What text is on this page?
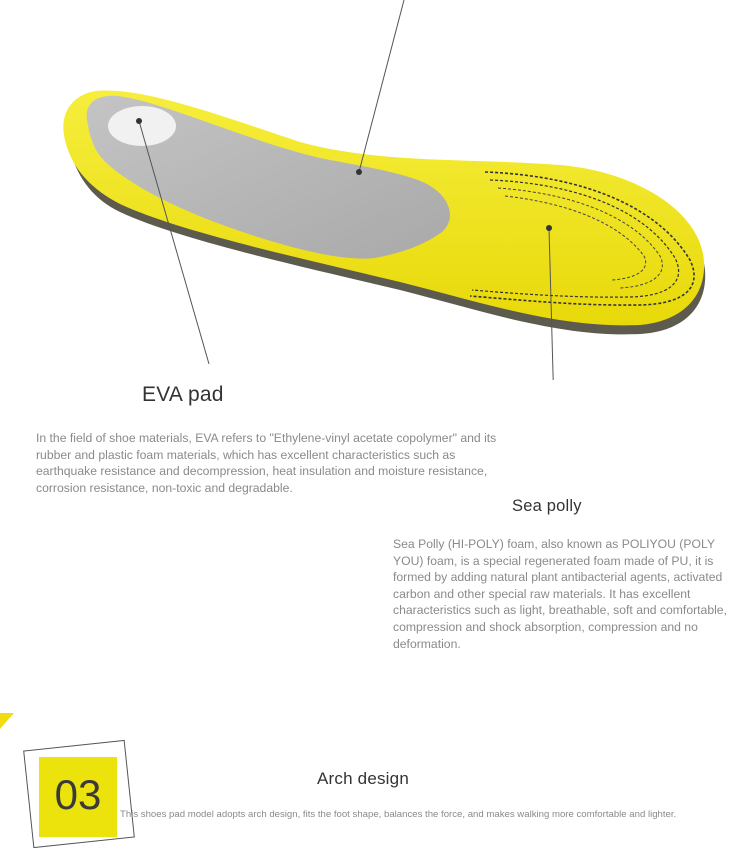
EVA pad
In the field of shoe materials, EVA refers to "Ethylene-vinyl acetate copolymer" and its rubber and plastic foam materials, which has excellent characteristics such as earthquake resistance and decompression, heat insulation and moisture resistance, corrosion resistance, non-toxic and degradable.
Sea polly
Sea Polly (HI-POLY) foam, also known as POLIYOU (POLY YOU) foam, is a special regenerated foam made of PU, it is formed by adding natural plant antibacterial agents, activated carbon and other special raw materials. It has excellent characteristics such as light, breathable, soft and comfortable, compression and shock absorption, compression and no deformation.
03	Arch design
This shoes pad model adopts arch design, fits the foot shape, balances the force, and makes walking more comfortable and lighter.
